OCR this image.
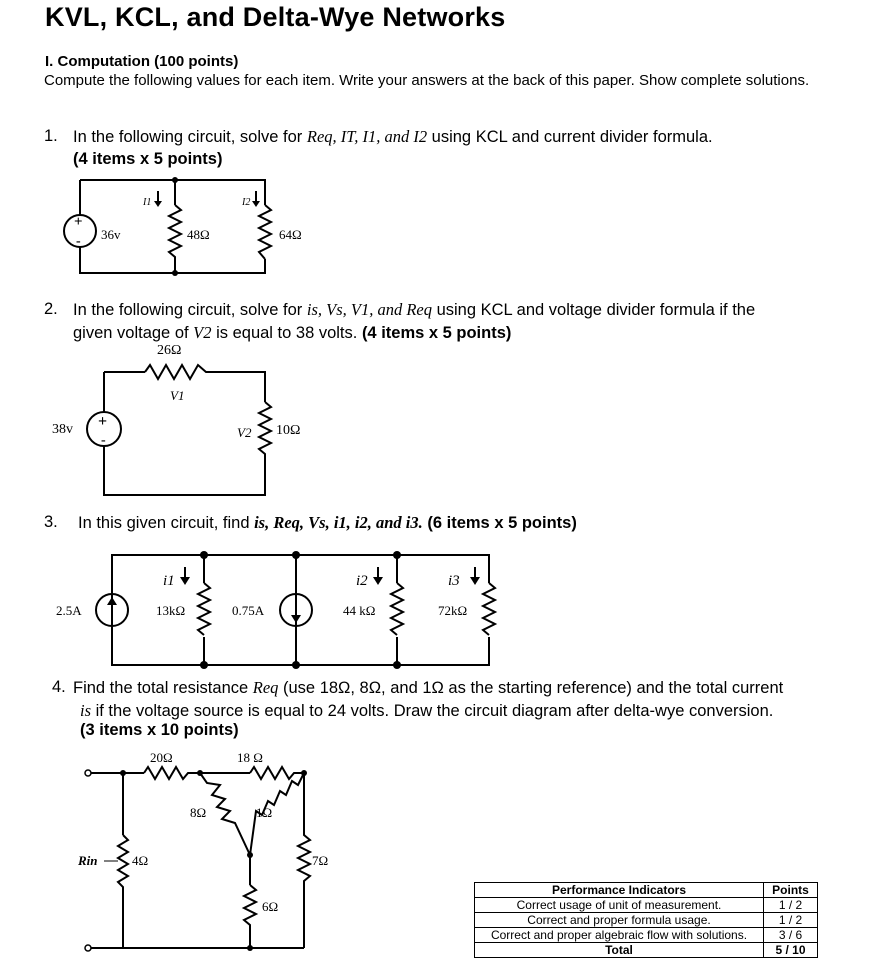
KVL, KCL, and Delta-Wye Networks
I. Computation (100 points)
Compute the following values for each item. Write your answers at the back of this paper. Show complete solutions.
1. In the following circuit, solve for Req, IT, I1, and I2 using KCL and current divider formula.
(4 items x 5 points)
+
- 36v	48Ω	64Ω
I1	I2
2. In the following circuit, solve for is, Vs, V1, and Req using KCL and voltage divider formula if the
given voltage of V2 is equal to 38 volts. (4 items x 5 points)
26Ω
V1
V2 10Ω
38v +
-
3. In this given circuit, find is, Req, Vs, i1, i2, and i3. (6 items x 5 points)
2.5A	0.75A
13kΩ	44 kΩ	72kΩ
i1	i2	i3
4. Find the total resistance Req (use 18Ω, 8Ω, and 1Ω as the starting reference) and the total current
is if the voltage source is equal to 24 volts. Draw the circuit diagram after delta-wye conversion.
(3 items x 10 points)
20Ω	18 Ω
8Ω	1Ω
4Ω	7Ω
6Ω
Rin
Performance Indicators	Points
Correct usage of unit of measurement.	1 / 2
Correct and proper formula usage.	1 / 2
Correct and proper algebraic flow with solutions.	3 / 6
Total	5 / 10
